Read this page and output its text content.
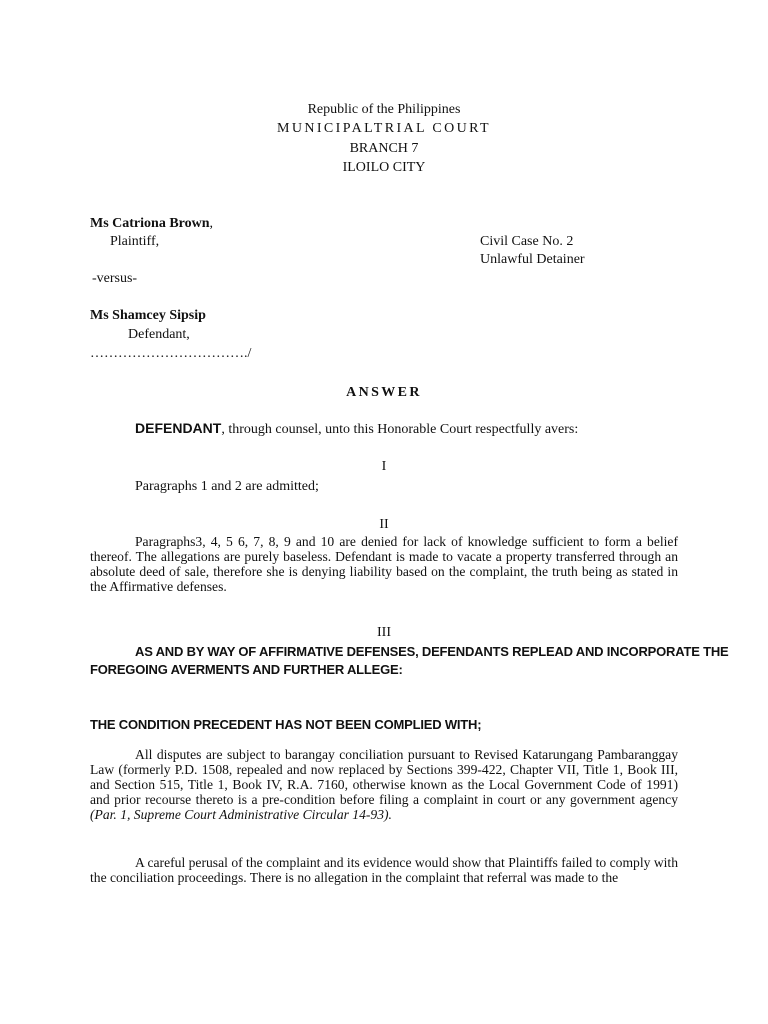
Republic of the Philippines
MUNICIPALTRIAL COURT
BRANCH 7
ILOILO CITY
Ms Catriona Brown,
Plaintiff,	Civil Case No. 2
Unlawful Detainer
-versus-
Ms Shamcey Sipsip
Defendant,
……………………………./
ANSWER
DEFENDANT, through counsel, unto this Honorable Court respectfully avers:
I
Paragraphs 1 and 2 are admitted;
II
Paragraphs3, 4, 5 6, 7, 8, 9 and 10 are denied for lack of knowledge sufficient to form a belief thereof. The allegations are purely baseless. Defendant is made to vacate a property transferred through an absolute deed of sale, therefore she is denying liability based on the complaint, the truth being as stated in the Affirmative defenses.
III
AS AND BY WAY OF AFFIRMATIVE DEFENSES, DEFENDANTS REPLEAD AND INCORPORATE THE
FOREGOING AVERMENTS AND FURTHER ALLEGE:
THE CONDITION PRECEDENT HAS NOT BEEN COMPLIED WITH;
All disputes are subject to barangay conciliation pursuant to Revised Katarungang Pambaranggay Law (formerly P.D. 1508, repealed and now replaced by Sections 399-422, Chapter VII, Title 1, Book III, and Section 515, Title 1, Book IV, R.A. 7160, otherwise known as the Local Government Code of 1991) and prior recourse thereto is a pre-condition before filing a complaint in court or any government agency (Par. 1, Supreme Court Administrative Circular 14-93).
A careful perusal of the complaint and its evidence would show that Plaintiffs failed to comply with the conciliation proceedings. There is no allegation in the complaint that referral was made to the
